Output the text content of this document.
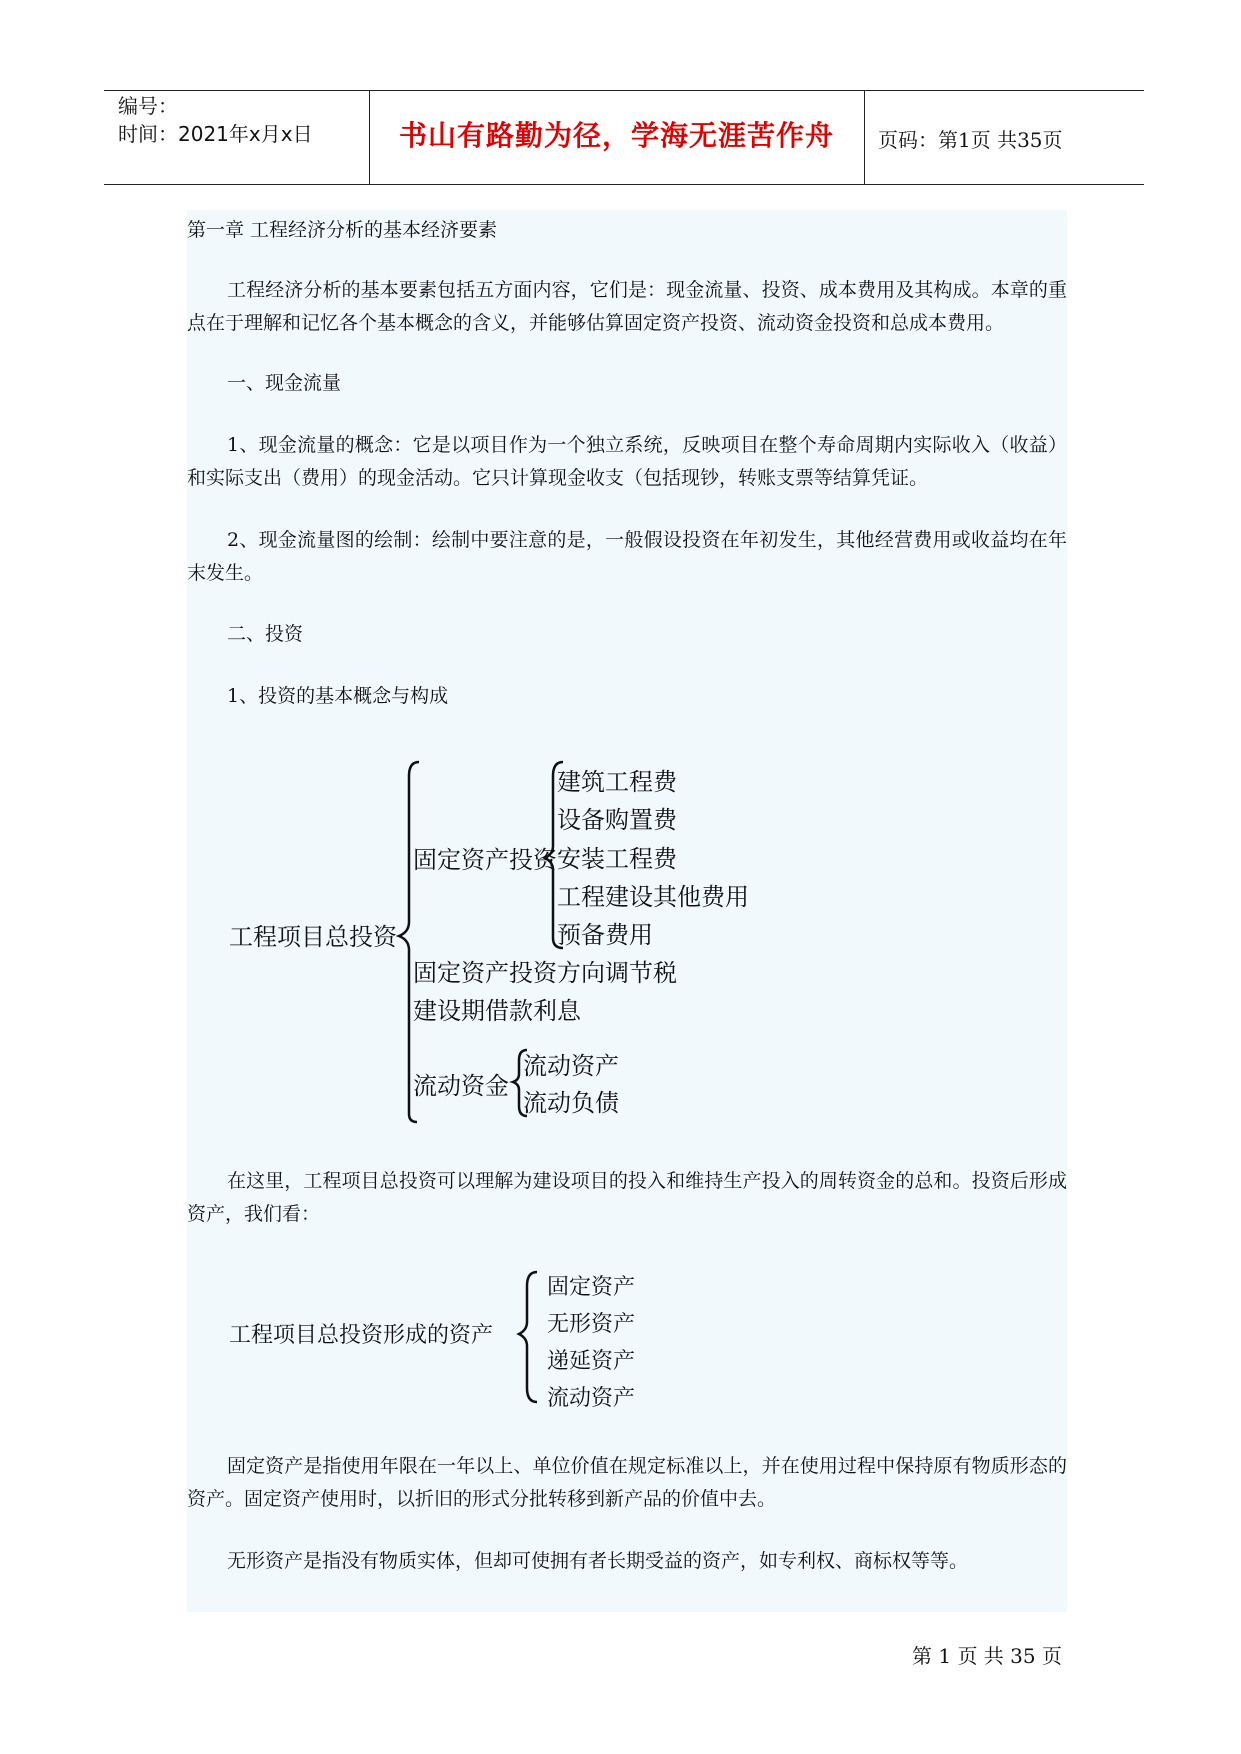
编号：
时间：2021年x月x日	书山有路勤为径，学海无涯苦作舟	页码：第1页 共35页
第一章 工程经济分析的基本经济要素
工程经济分析的基本要素包括五方面内容，它们是：现金流量、投资、成本费用及其构成。本章的重点在于理解和记忆各个基本概念的含义，并能够估算固定资产投资、流动资金投资和总成本费用。
一、现金流量
1、现金流量的概念：它是以项目作为一个独立系统，反映项目在整个寿命周期内实际收入（收益）和实际支出（费用）的现金活动。它只计算现金收支（包括现钞，转账支票等结算凭证。
2、现金流量图的绘制：绘制中要注意的是，一般假设投资在年初发生，其他经营费用或收益均在年末发生。
二、投资
1、投资的基本概念与构成
工程项目总投资
固定资产投资
建筑工程费
设备购置费
安装工程费
工程建设其他费用
预备费用
固定资产投资方向调节税
建设期借款利息
流动资金
流动资产
流动负债
在这里，工程项目总投资可以理解为建设项目的投入和维持生产投入的周转资金的总和。投资后形成资产，我们看：
工程项目总投资形成的资产
固定资产
无形资产
递延资产
流动资产
固定资产是指使用年限在一年以上、单位价值在规定标准以上，并在使用过程中保持原有物质形态的资产。固定资产使用时，以折旧的形式分批转移到新产品的价值中去。
无形资产是指没有物质实体，但却可使拥有者长期受益的资产，如专利权、商标权等等。
第 1 页 共 35 页
